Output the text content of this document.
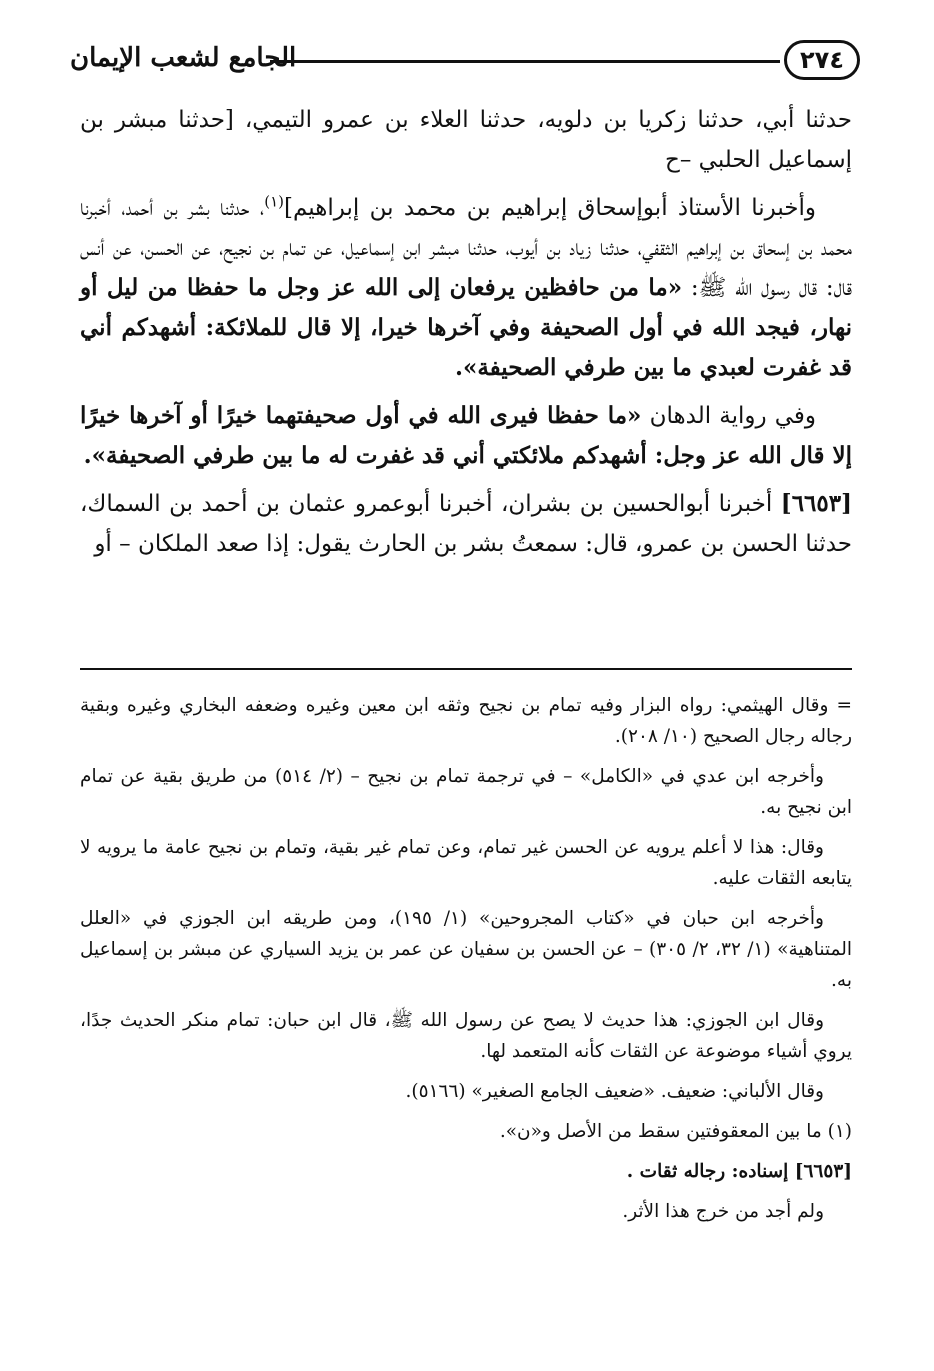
٢٧٤
الجامع لشعب الإيمان

حدثنا أبي، حدثنا زكريا بن دلويه، حدثنا العلاء بن عمرو التيمي، [حدثنا مبشر بن إسماعيل الحلبي –ح

وأخبرنا الأستاذ أبوإسحاق إبراهيم بن محمد بن إبراهيم]$^{(١)}$، حدثنا بشر بن أحمد، أخبرنا محمد بن إسحاق بن إبراهيم الثقفي، حدثنا زياد بن أيوب، حدثنا مبشر ابن إسماعيل، عن تمام بن نجيح، عن الحسن، عن أنس قال: قال رسول الله ﷺ: «ما من حافظين يرفعان إلى الله عز وجل ما حفظا من ليل أو نهار، فيجد الله في أول الصحيفة وفي آخرها خيرا، إلا قال للملائكة: أشهدكم أني قد غفرت لعبدي ما بين طرفي الصحيفة».

وفي رواية الدهان «ما حفظا فيرى الله في أول صحيفتهما خيرًا أو آخرها خيرًا إلا قال الله عز وجل: أشهدكم ملائكتي أني قد غفرت له ما بين طرفي الصحيفة».

[٦٦٥٣] أخبرنا أبوالحسين بن بشران، أخبرنا أبوعمرو عثمان بن أحمد بن السماك، حدثنا الحسن بن عمرو، قال: سمعتُ بشر بن الحارث يقول: إذا صعد الملكان – أو

= وقال الهيثمي: رواه البزار وفيه تمام بن نجيح وثقه ابن معين وغيره وضعفه البخاري وغيره وبقية رجاله رجال الصحيح (١٠/ ٢٠٨).

وأخرجه ابن عدي في «الكامل» – في ترجمة تمام بن نجيح – (٢/ ٥١٤) من طريق بقية عن تمام ابن نجيح به.

وقال: هذا لا أعلم يرويه عن الحسن غير تمام، وعن تمام غير بقية، وتمام بن نجيح عامة ما يرويه لا يتابعه الثقات عليه.

وأخرجه ابن حبان في «كتاب المجروحين» (١/ ١٩٥)، ومن طريقه ابن الجوزي في «العلل المتناهية» (١/ ٣٢، ٢/ ٣٠٥) – عن الحسن بن سفيان عن عمر بن يزيد السياري عن مبشر بن إسماعيل به.

وقال ابن الجوزي: هذا حديث لا يصح عن رسول الله ﷺ، قال ابن حبان: تمام منكر الحديث جدًا، يروي أشياء موضوعة عن الثقات كأنه المتعمد لها.

وقال الألباني: ضعيف. «ضعيف الجامع الصغير» (٥١٦٦).

(١) ما بين المعقوفتين سقط من الأصل و«ن».

[٦٦٥٣] إسناده: رجاله ثقات .

ولم أجد من خرج هذا الأثر.
